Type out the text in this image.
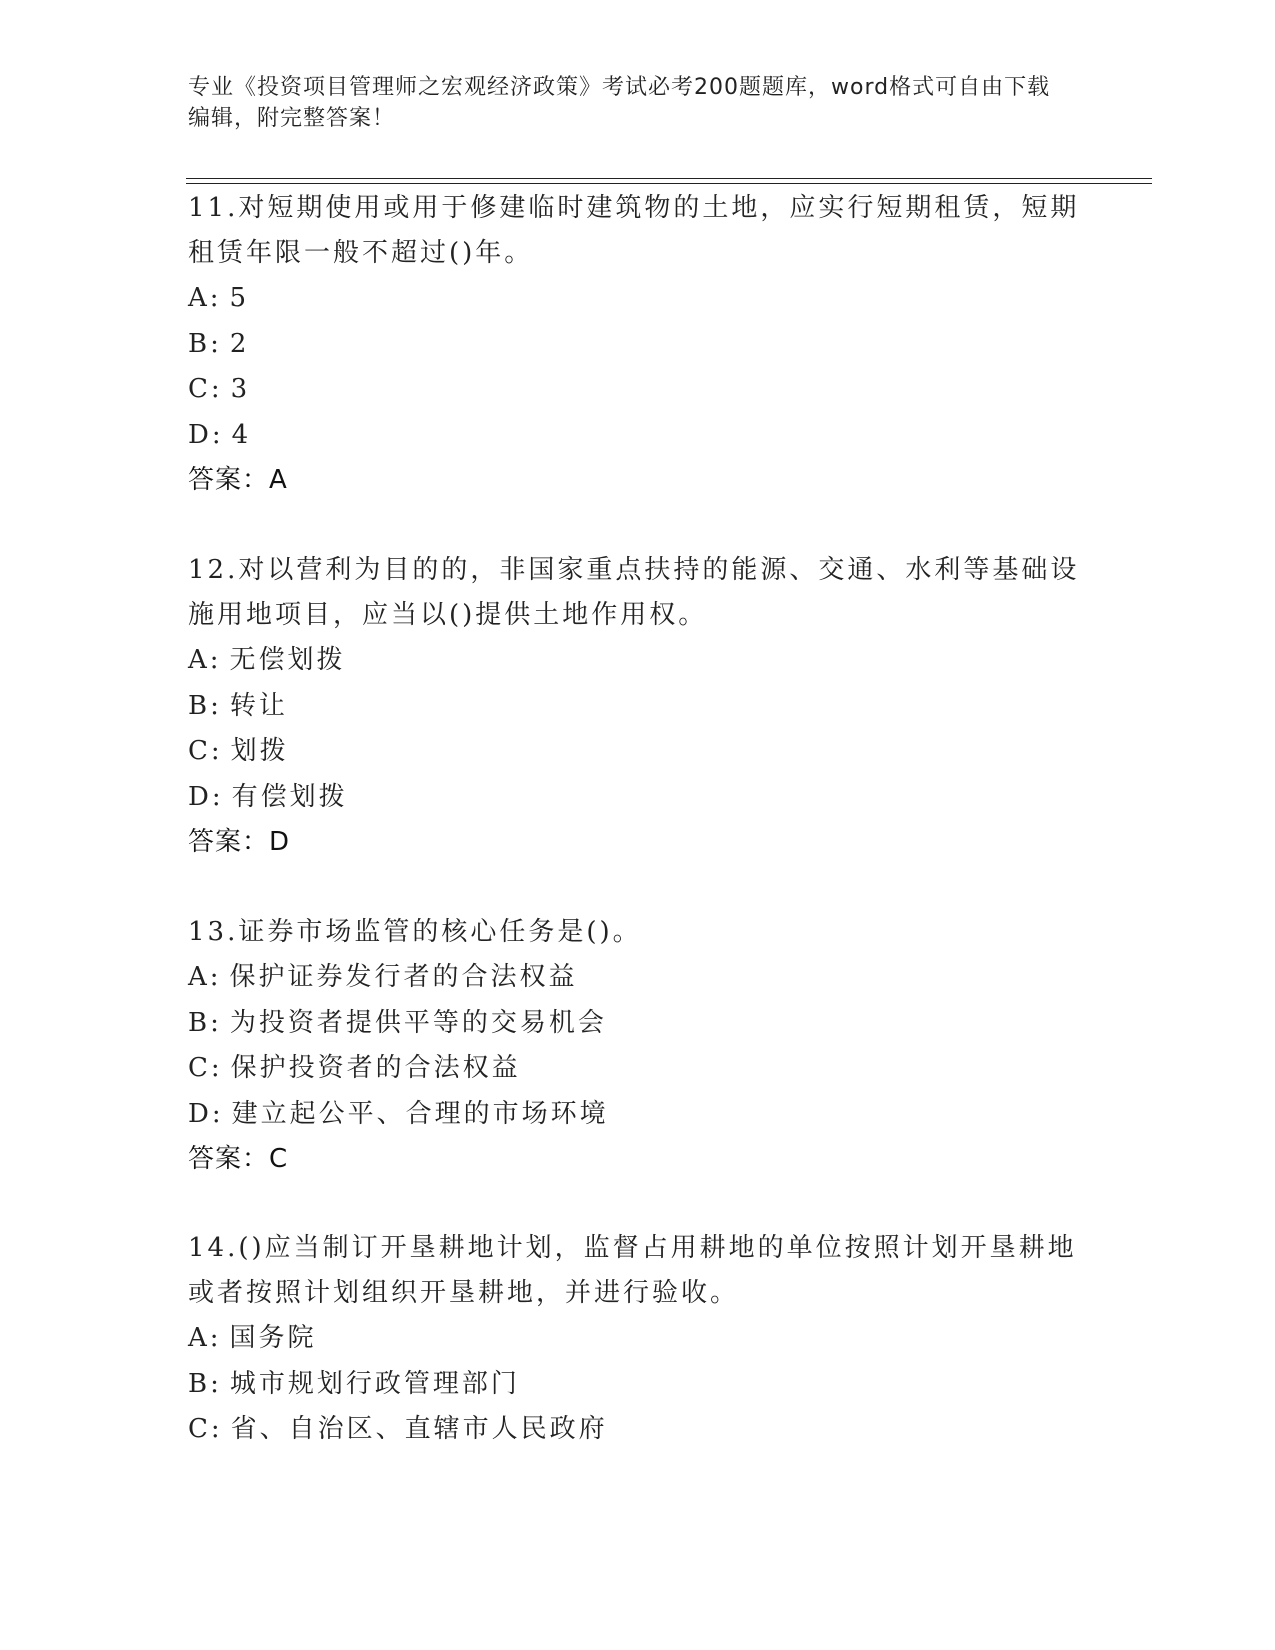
专业《投资项目管理师之宏观经济政策》考试必考200题题库，word格式可自由下载编辑，附完整答案！
11.对短期使用或用于修建临时建筑物的土地，应实行短期租赁，短期租赁年限一般不超过()年。
A: 5
B: 2
C: 3
D: 4
答案：A
12.对以营利为目的的，非国家重点扶持的能源、交通、水利等基础设施用地项目，应当以()提供土地作用权。
A: 无偿划拨
B: 转让
C: 划拨
D: 有偿划拨
答案：D
13.证券市场监管的核心任务是()。
A: 保护证券发行者的合法权益
B: 为投资者提供平等的交易机会
C: 保护投资者的合法权益
D: 建立起公平、合理的市场环境
答案：C
14.()应当制订开垦耕地计划，监督占用耕地的单位按照计划开垦耕地或者按照计划组织开垦耕地，并进行验收。
A: 国务院
B: 城市规划行政管理部门
C: 省、自治区、直辖市人民政府
